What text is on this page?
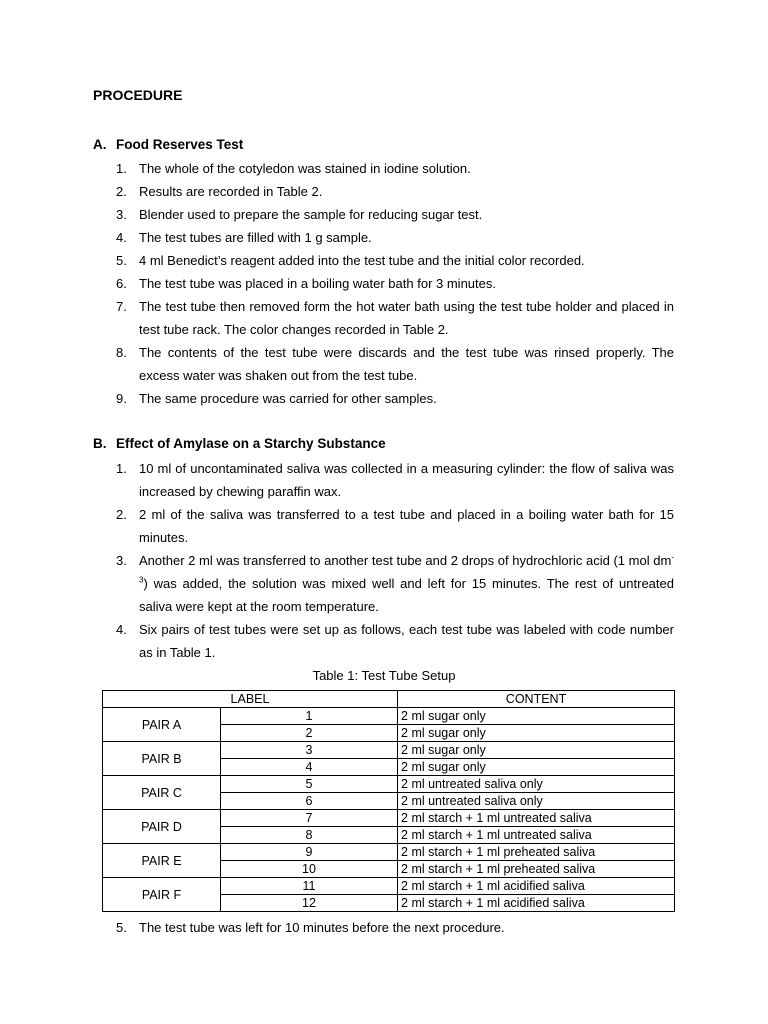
PROCEDURE
A. Food Reserves Test
1. The whole of the cotyledon was stained in iodine solution.
2. Results are recorded in Table 2.
3. Blender used to prepare the sample for reducing sugar test.
4. The test tubes are filled with 1 g sample.
5. 4 ml Benedict’s reagent added into the test tube and the initial color recorded.
6. The test tube was placed in a boiling water bath for 3 minutes.
7. The test tube then removed form the hot water bath using the test tube holder and placed in test tube rack. The color changes recorded in Table 2.
8. The contents of the test tube were discards and the test tube was rinsed properly. The excess water was shaken out from the test tube.
9. The same procedure was carried for other samples.
B. Effect of Amylase on a Starchy Substance
1. 10 ml of uncontaminated saliva was collected in a measuring cylinder: the flow of saliva was increased by chewing paraffin wax.
2. 2 ml of the saliva was transferred to a test tube and placed in a boiling water bath for 15 minutes.
3. Another 2 ml was transferred to another test tube and 2 drops of hydrochloric acid (1 mol $dm^{-3}$) was added, the solution was mixed well and left for 15 minutes. The rest of untreated saliva were kept at the room temperature.
4. Six pairs of test tubes were set up as follows, each test tube was labeled with code number as in Table 1.
Table 1: Test Tube Setup
LABEL		CONTENT
PAIR A	1	2 ml sugar only
	2	2 ml sugar only
PAIR B	3	2 ml sugar only
	4	2 ml sugar only
PAIR C	5	2 ml untreated saliva only
	6	2 ml untreated saliva only
PAIR D	7	2 ml starch + 1 ml untreated saliva
	8	2 ml starch + 1 ml untreated saliva
PAIR E	9	2 ml starch + 1 ml preheated saliva
	10	2 ml starch + 1 ml preheated saliva
PAIR F	11	2 ml starch + 1 ml acidified saliva
	12	2 ml starch + 1 ml acidified saliva
5. The test tube was left for 10 minutes before the next procedure.
